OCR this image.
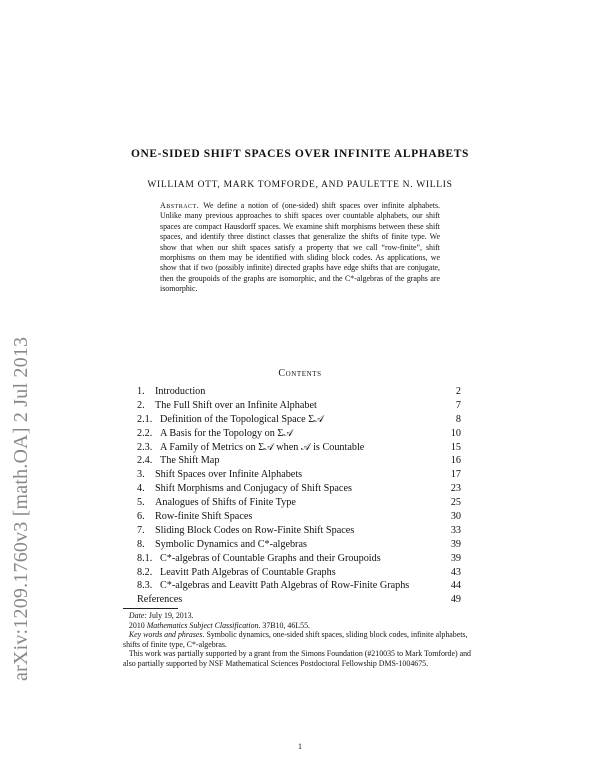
arXiv:1209.1760v3 [math.OA] 2 Jul 2013
ONE-SIDED SHIFT SPACES OVER INFINITE ALPHABETS
WILLIAM OTT, MARK TOMFORDE, AND PAULETTE N. WILLIS
Abstract. We define a notion of (one-sided) shift spaces over infinite alphabets. Unlike many previous approaches to shift spaces over countable alphabets, our shift spaces are compact Hausdorff spaces. We examine shift morphisms between these shift spaces, and identify three distinct classes that generalize the shifts of finite type. We show that when our shift spaces satisfy a property that we call “row-finite”, shift morphisms on them may be identified with sliding block codes. As applications, we show that if two (possibly infinite) directed graphs have edge shifts that are conjugate, then the groupoids of the graphs are isomorphic, and the C*-algebras of the graphs are isomorphic.
Contents
1.	Introduction	2
2.	The Full Shift over an Infinite Alphabet	7
2.1. Definition of the Topological Space Σ𝒜	8
2.2. A Basis for the Topology on Σ𝒜	10
2.3. A Family of Metrics on Σ𝒜 when 𝒜 is Countable	15
2.4. The Shift Map	16
3.	Shift Spaces over Infinite Alphabets	17
4.	Shift Morphisms and Conjugacy of Shift Spaces	23
5.	Analogues of Shifts of Finite Type	25
6.	Row-finite Shift Spaces	30
7.	Sliding Block Codes on Row-Finite Shift Spaces	33
8.	Symbolic Dynamics and C*-algebras	39
8.1. C*-algebras of Countable Graphs and their Groupoids	39
8.2. Leavitt Path Algebras of Countable Graphs	43
8.3. C*-algebras and Leavitt Path Algebras of Row-Finite Graphs	44
References	49

Date: July 19, 2013.

2010 Mathematics Subject Classification. 37B10, 46L55.

Key words and phrases. Symbolic dynamics, one-sided shift spaces, sliding block codes, infinite alphabets, shifts of finite type, C*-algebras.

This work was partially supported by a grant from the Simons Foundation (#210035 to Mark Tomforde) and also partially supported by NSF Mathematical Sciences Postdoctoral Fellowship DMS-1004675.

1
